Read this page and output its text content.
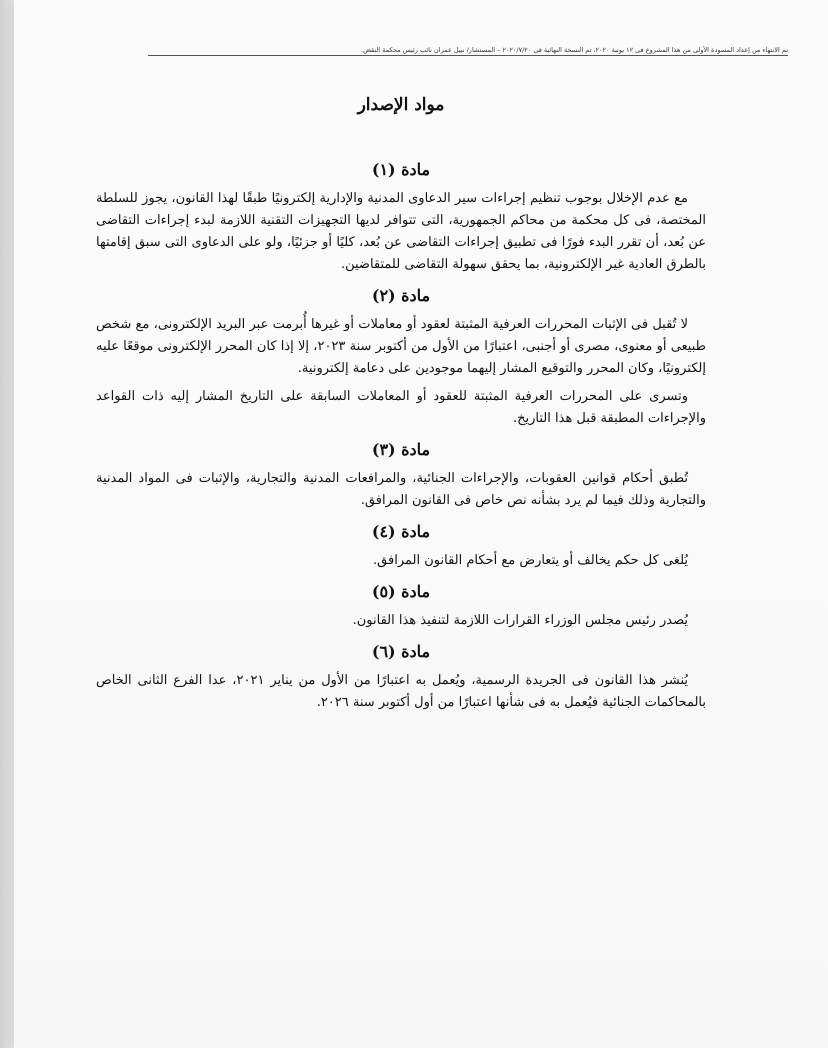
تم الانتهاء من إعداد المسودة الأولى من هذا المشروع فى ١٢ يونية ٢٠٢٠، تم النسخة النهائية فى ٢٠٢٠/٧/٢٠ – المستشار/ نبيل عمران نائب رئيس محكمة النقض.
مواد الإصدار
مادة (١)

مع عدم الإخلال بوجوب تنظيم إجراءات سير الدعاوى المدنية والإدارية إلكترونيًا طبقًا لهذا القانون، يجوز للسلطة المختصة، فى كل محكمة من محاكم الجمهورية، التى تتوافر لديها التجهيزات التقنية اللازمة لبدء إجراءات التقاضى عن بُعد، أن تقرر البدء فورًا فى تطبيق إجراءات التقاضى عن بُعد، كليًا أو جزئيًا، ولو على الدعاوى التى سبق إقامتها بالطرق العادية غير الإلكترونية، بما يحقق سهولة التقاضى للمتقاضين.

مادة (٢)

لا تُقبل فى الإثبات المحررات العرفية المثبتة لعقود أو معاملات أو غيرها أُبرمت عبر البريد الإلكترونى، مع شخص طبيعى أو معنوى، مصرى أو أجنبى، اعتبارًا من الأول من أكتوبر سنة ٢٠٢٣، إلا إذا كان المحرر الإلكترونى موقعًا عليه إلكترونيًا، وكان المحرر والتوقيع المشار إليهما موجودين على دعامة إلكترونية.

وتسرى على المحررات العرفية المثبتة للعقود أو المعاملات السابقة على التاريخ المشار إليه ذات القواعد والإجراءات المطبقة قبل هذا التاريخ.

مادة (٣)

تُطبق أحكام قوانين العقوبات، والإجراءات الجنائية، والمرافعات المدنية والتجارية، والإثبات فى المواد المدنية والتجارية وذلك فيما لم يرد بشأنه نص خاص فى القانون المرافق.

مادة (٤)

يُلغى كل حكم يخالف أو يتعارض مع أحكام القانون المرافق.

مادة (٥)

يُصدر رئيس مجلس الوزراء القرارات اللازمة لتنفيذ هذا القانون.

مادة (٦)

يُنشر هذا القانون فى الجريدة الرسمية، ويُعمل به اعتبارًا من الأول من يناير ٢٠٢١، عدا الفرع الثانى الخاص بالمحاكمات الجنائية فيُعمل به فى شأنها اعتبارًا من أول أكتوبر سنة ٢٠٢٦.
